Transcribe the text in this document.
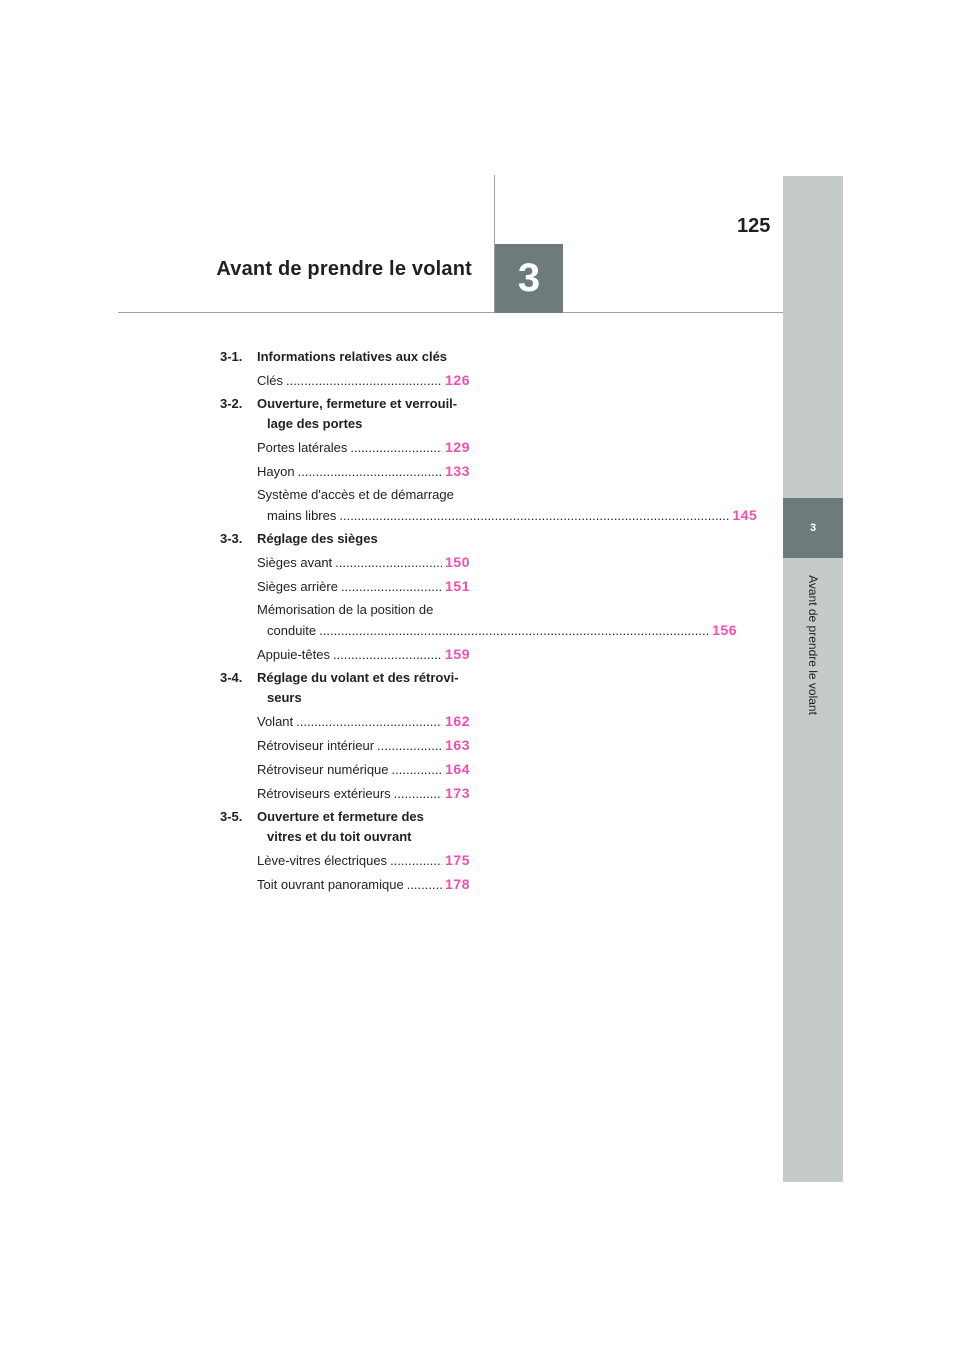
Avant de prendre le volant	3
125
3
Avant de prendre le volant
3-1. Informations relatives aux clés
Clés .....	126
3-2. Ouverture, fermeture et verrouil-
lage des portes
Portes latérales .....	129
Hayon .....	133
Système d'accès et de démarrage
mains libres .....	145
3-3. Réglage des sièges
Sièges avant .....	150
Sièges arrière .....	151
Mémorisation de la position de
conduite .....	156
Appuie-têtes .....	159
3-4. Réglage du volant et des rétrovi-
seurs
Volant .....	162
Rétroviseur intérieur .....	163
Rétroviseur numérique .....	164
Rétroviseurs extérieurs .....	173
3-5. Ouverture et fermeture des
vitres et du toit ouvrant
Lève-vitres électriques .....	175
Toit ouvrant panoramique .....	178
